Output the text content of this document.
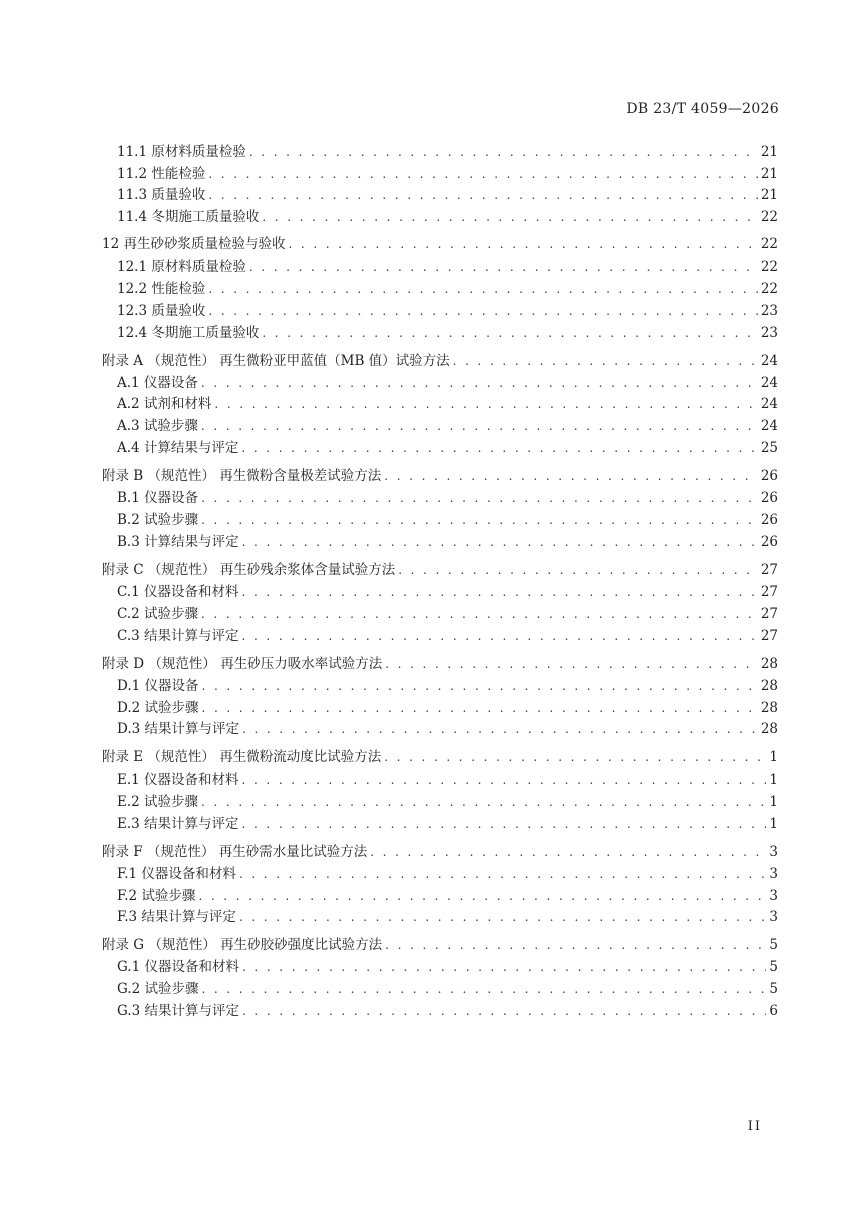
DB 23/T 4059—2026
11.1 原材料质量检验 . . .	21
11.2 性能检验 . . .	21
11.3 质量验收 . . .	21
11.4 冬期施工质量验收 . . .	22
12 再生砂砂浆质量检验与验收 . . .	22
12.1 原材料质量检验 . . .	22
12.2 性能检验 . . .	22
12.3 质量验收 . . .	23
12.4 冬期施工质量验收 . . .	23
附录 A （规范性） 再生微粉亚甲蓝值（MB 值）试验方法 . . .	24
A.1 仪器设备 . . .	24
A.2 试剂和材料 . . .	24
A.3 试验步骤 . . .	24
A.4 计算结果与评定 . . .	25
附录 B （规范性） 再生微粉含量极差试验方法 . . .	26
B.1 仪器设备 . . .	26
B.2 试验步骤 . . .	26
B.3 计算结果与评定 . . .	26
附录 C （规范性） 再生砂残余浆体含量试验方法 . . .	27
C.1 仪器设备和材料 . . .	27
C.2 试验步骤 . . .	27
C.3 结果计算与评定 . . .	27
附录 D （规范性） 再生砂压力吸水率试验方法 . . .	28
D.1 仪器设备 . . .	28
D.2 试验步骤 . . .	28
D.3 结果计算与评定 . . .	28
附录 E （规范性） 再生微粉流动度比试验方法 . . .	1
E.1 仪器设备和材料 . . .	1
E.2 试验步骤 . . .	1
E.3 结果计算与评定 . . .	1
附录 F （规范性） 再生砂需水量比试验方法 . . .	3
F.1 仪器设备和材料 . . .	3
F.2 试验步骤 . . .	3
F.3 结果计算与评定 . . .	3
附录 G （规范性） 再生砂胶砂强度比试验方法 . . .	5
G.1 仪器设备和材料 . . .	5
G.2 试验步骤 . . .	5
G.3 结果计算与评定 . . .	6
II
